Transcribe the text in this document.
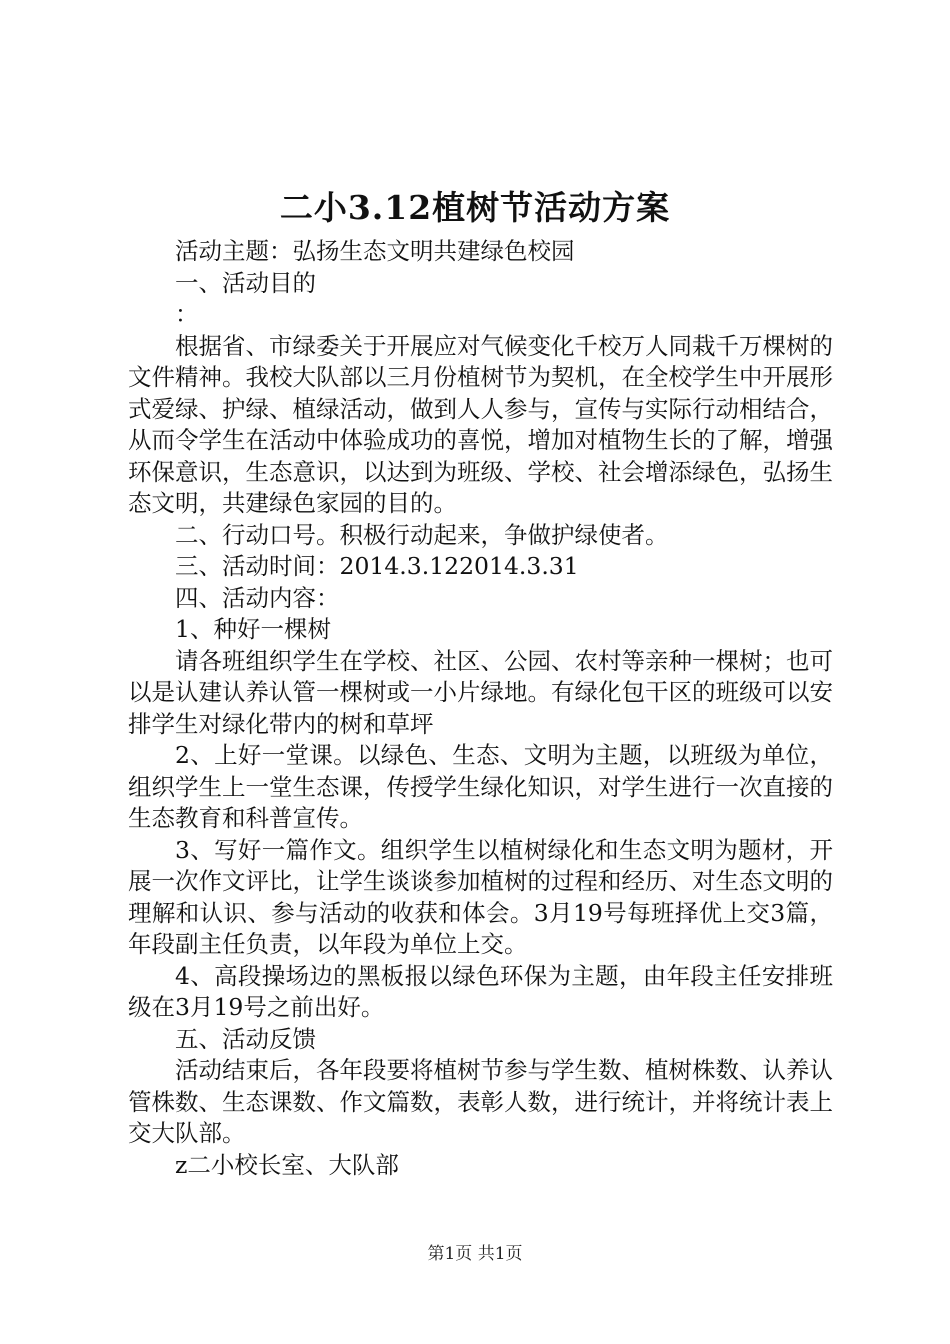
二小3.12植树节活动方案

活动主题：弘扬生态文明共建绿色校园

一、活动目的

：

根据省、市绿委关于开展应对气候变化千校万人同栽千万棵树的文件精神。我校大队部以三月份植树节为契机，在全校学生中开展形式爱绿、护绿、植绿活动，做到人人参与，宣传与实际行动相结合，从而令学生在活动中体验成功的喜悦，增加对植物生长的了解，增强环保意识，生态意识，以达到为班级、学校、社会增添绿色，弘扬生态文明，共建绿色家园的目的。

二、行动口号。积极行动起来，争做护绿使者。

三、活动时间：2014.3.122014.3.31

四、活动内容：

1、种好一棵树

请各班组织学生在学校、社区、公园、农村等亲种一棵树；也可以是认建认养认管一棵树或一小片绿地。有绿化包干区的班级可以安排学生对绿化带内的树和草坪

2、上好一堂课。以绿色、生态、文明为主题，以班级为单位，组织学生上一堂生态课，传授学生绿化知识，对学生进行一次直接的生态教育和科普宣传。

3、写好一篇作文。组织学生以植树绿化和生态文明为题材，开展一次作文评比，让学生谈谈参加植树的过程和经历、对生态文明的理解和认识、参与活动的收获和体会。3月19号每班择优上交3篇，年段副主任负责，以年段为单位上交。

4、高段操场边的黑板报以绿色环保为主题，由年段主任安排班级在3月19号之前出好。

五、活动反馈

活动结束后，各年段要将植树节参与学生数、植树株数、认养认管株数、生态课数、作文篇数，表彰人数，进行统计，并将统计表上交大队部。

z二小校长室、大队部

第1页 共1页
